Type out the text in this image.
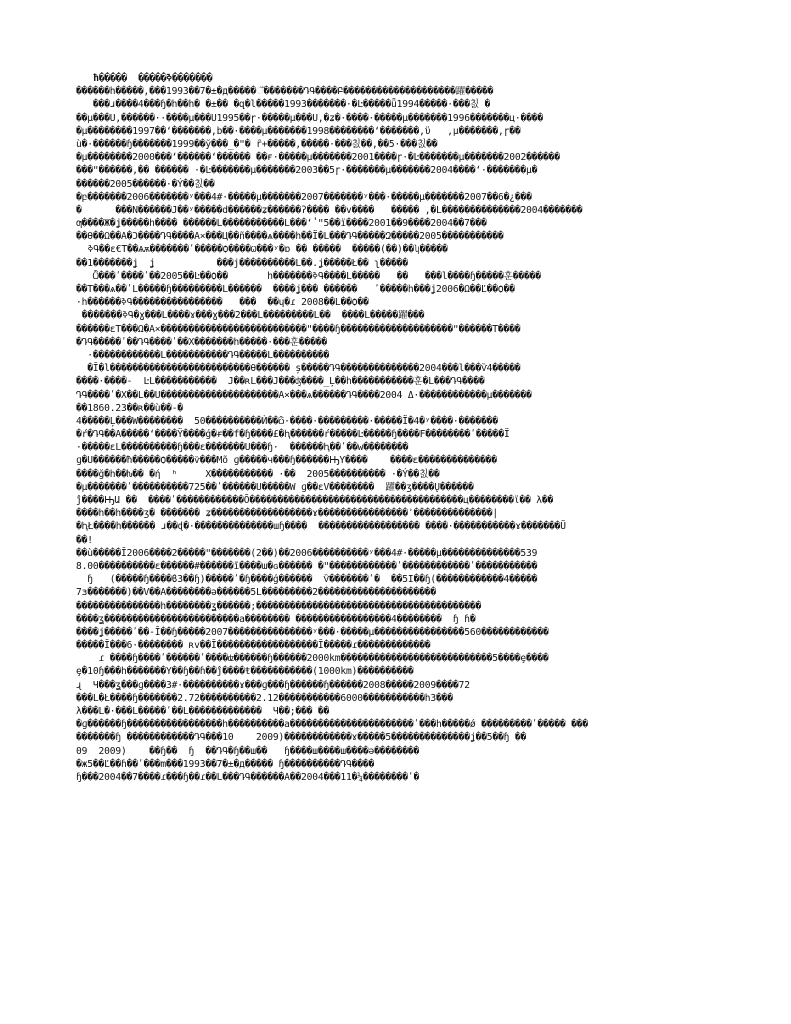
ħ�����  �����ߢ�������
������h�����,���1993��7�±�д�����ઁ�ࣤ������ԴԳ����Բ��������������������躍�����
���ɹ����4���ɧ�հ��h� �±�� �զ�l�����1993�������·�Ŀ�����ǖ1994�����·���칤 �
��μ���U,������··����μ���U1995��ɼ·�����μ���U,�ʑ�·����·�����μ�������1996�������ц·����
�μ��������1997��ʻ�������,b��·����μ�������1998��������ʻ�������,ϋ   ,μ�������,ɼ��
ù�·������ɧ�������1999��ў���_�ʺ� ȓ+�����,�����·���칤��,��5·���칤��
�μ��������2000���ʻ������ʻ������ ��ғ·�����μ�������2001����ɼ·�Ŀ�������μ�������2002������
���ʺ������,�� ������ ·�Ŀ�������μ�������2003��5ɼ·�������μ�������2004����ʻ·�������μ�
������2005������·�Ý��칤��
�բ�������2006�������ʸ���4#·�����μ�������2007�������ʸ���·�����μ�������2007��6�¿���
�      ���Ν������J��ʸ�����d������ʑ������ʔ���� ��v����   ����� ,�L��������������2004�������
ƣ����Ж�ʝ�����h���� ������L�����������L���ʻ̔ ʺ5��ї����2001��9����2004��7���
��Ѳ��Ω��A�Ͻ����ԴԳ����A×���Ц��ñ����ѧ����h��Ϊ�L���ԴԳ�����Զ�����2005�����������
ߢԳ��ɛ€T��Ѧѫ�������ʹ�����Ѻ����Ѡ���ʸ�ɒ �� �����  �����(��)��ʮ�����
��1�������ʝ  ʝ           ���j����������L��.ʝ�����Ł�� ʅ�����
Ѽ���ʹ����ʹ��2005��Ŀ��Ѻ��       h�������ߢԳ����L�����   ��   ���l����ɧ�����훈�����
��T���ѧ��ʹL�����ɧ���������L������  ����ʝ��� ������   ʹ�����h���ʝ2006�Ω��Ľ��Ѻ��
·h������ߢԳ����������������   ���  ��ɥ�ɾ 2008��L��Ѻ��
�������ߢԳ�ɣ���L����ɤ���ɣ���2���L���������L��  ����L�����躍���
������ɛT���Ω�A×��������������������������ʺ����ɧ��������������������ʺ������T����
�ԴԳ�����ʹ��ԴԳ����ʹ��X�������h�����·���훈�����
·������������L�����������ԴԳ�����L����������
�Ī�l�������������������������θ������ ș�����ԴԳ��������������2004���l���Ѷ4�����
����·����-  ĿL�����������  J��ʀL���J���ʤ����_Ļ��h�����������훈�L���ԴԳ����
ԴԳ����ʹ�X��L��U���������������������A×���ѧ������ԴԳ����2004 Δ·������������μ�������
��1860.23��ʀ��ù��-�
4�����Ļ���W��������  50����������Ѝ��ѽ·����·���������·�����Ϊ�4�ʸ����·�������
�ŕ�ԴԳ��A�����ʻ����Ÿ����ǵ�ɍ��f�ɧ����£�ԧ������ŕ�����Ŀ�����ɧ����F��������ʹ�����Ї
·�����ɛL����������ɧ���ɛ�������U���ɧ·  ������ԧ��ʹ��w��������
ɡ�U������ħ�����Ѻ�����ѷ���Mõ ɡ�����ч���ɧ������ԢY����    ����ɛ��������������
����ğ�h��ƕ�� �ή  ʰ     X����������� ·��  2005���������� ·�Ý��칤��
�μ�������ʹ����������725��ʹ������U�����W ɡ��ɛV��������  躍��ʒ����Ų������
ĵ����ԢԱ ��  ����ʹ������������Õ��������������������������������������ц��������ϊ�� λ��
����h��h����ʒ� ������� ʑ������������������ɤ����������������ʾ��������������|
�ԧŁ����h������ ɹ��ɖ�·��������������ɯɧ����  ������������������ ����·�����������ɤ�������Ũ
��!
��ù�����Ī2006����2�����ʺ�������(2��)��2006����������ʸ���4#·�����μ��������������539
8.00����������ɛ������#������ĩ����ɯ�ԍ������ �ʺ������������ʹ������������ʹ�����������
ɧ   (�����ɧ����ϐ3��ɧ)�����ʹ�ɧ����ģ������  Ѷ�������ʹ�  ��5I��ɧ(������������4�����
7ɜ�������)��V��A��������ǝ������5L���������2���������������������
���������������h��������ʓ������;����������������������������������������
����ʓ������������������������a�������� �����������������4��������  ɧ ɦ�
����ʝ�����ʹ��-Ī��ɧ�����2007���������������ʸ���·�����μ����������������560������������
�����Ī���6·�������� ʀv��Ī������������������Ī�����ɾ�������������
ɾ ����ɧ����ʹ������ʹ����ǳ������ɧ������2000km���������������������������5����ȩ����
ȩ�10ɧ���h�������Y��ɧ��ɦ��ĵ����ŧ�����������(1000km)����������
ɻ  Ч���ʓ���ɡ����3#·����������ɤ���ɡ���ɧ������ɧ������2008�����2009����72
���L�Ł����ɧ�������2.72����������2.12�����������6000�����������h3���
λ���L�·���L�����ʹ��L�������������  Ч��;��� ��
�ɡ������ɧ�����������������h����������a����������������������ʹ���h�����ǿ ���������ʹ����� ���
�������ɧ ������������ԴԳ���10    2009)������������ɤ�����5��������������ʝ��5��ɧ ��
09  2009)    ��ɧ��  ɧ  ��ԴԳ�ɧ��ш��   ɧ����ш����ш����ǝ��������
�ж5��Ľ��ɦ��ʹ���m���1993��7�±�д����� ɧ����������ԴԳ����
ɧ���2004��7����ɾ���ɧ��ɾ��L���ԴԳ������A��2004���11�¼��������ʹ�
